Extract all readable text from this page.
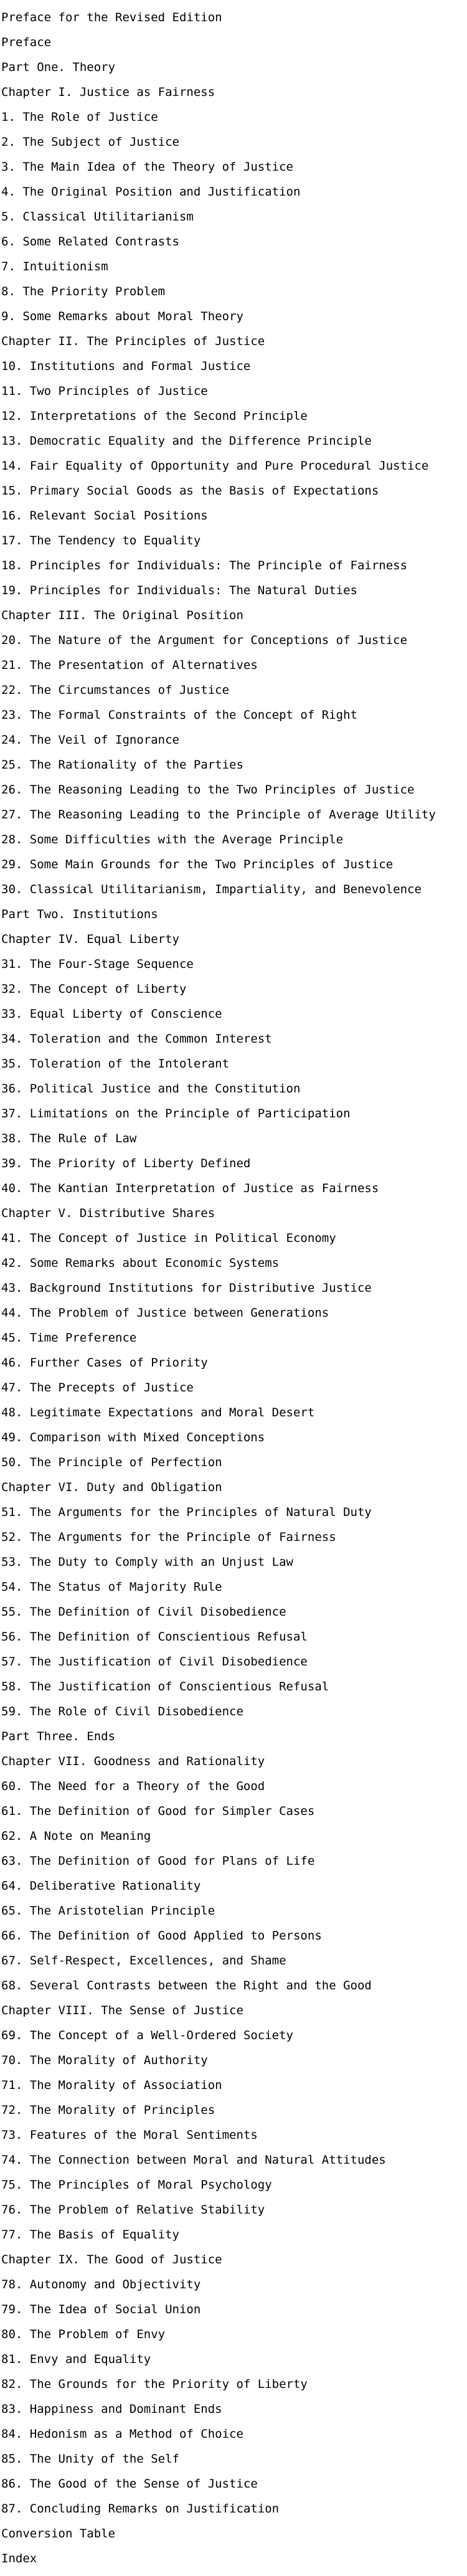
Preface for the Revised Edition
Preface
Part One. Theory
Chapter I. Justice as Fairness
1. The Role of Justice
2. The Subject of Justice
3. The Main Idea of the Theory of Justice
4. The Original Position and Justification
5. Classical Utilitarianism
6. Some Related Contrasts
7. Intuitionism
8. The Priority Problem
9. Some Remarks about Moral Theory
Chapter II. The Principles of Justice
10. Institutions and Formal Justice
11. Two Principles of Justice
12. Interpretations of the Second Principle
13. Democratic Equality and the Difference Principle
14. Fair Equality of Opportunity and Pure Procedural Justice
15. Primary Social Goods as the Basis of Expectations
16. Relevant Social Positions
17. The Tendency to Equality
18. Principles for Individuals: The Principle of Fairness
19. Principles for Individuals: The Natural Duties
Chapter III. The Original Position
20. The Nature of the Argument for Conceptions of Justice
21. The Presentation of Alternatives
22. The Circumstances of Justice
23. The Formal Constraints of the Concept of Right
24. The Veil of Ignorance
25. The Rationality of the Parties
26. The Reasoning Leading to the Two Principles of Justice
27. The Reasoning Leading to the Principle of Average Utility
28. Some Difficulties with the Average Principle
29. Some Main Grounds for the Two Principles of Justice
30. Classical Utilitarianism, Impartiality, and Benevolence
Part Two. Institutions
Chapter IV. Equal Liberty
31. The Four-Stage Sequence
32. The Concept of Liberty
33. Equal Liberty of Conscience
34. Toleration and the Common Interest
35. Toleration of the Intolerant
36. Political Justice and the Constitution
37. Limitations on the Principle of Participation
38. The Rule of Law
39. The Priority of Liberty Defined
40. The Kantian Interpretation of Justice as Fairness
Chapter V. Distributive Shares
41. The Concept of Justice in Political Economy
42. Some Remarks about Economic Systems
43. Background Institutions for Distributive Justice
44. The Problem of Justice between Generations
45. Time Preference
46. Further Cases of Priority
47. The Precepts of Justice
48. Legitimate Expectations and Moral Desert
49. Comparison with Mixed Conceptions
50. The Principle of Perfection
Chapter VI. Duty and Obligation
51. The Arguments for the Principles of Natural Duty
52. The Arguments for the Principle of Fairness
53. The Duty to Comply with an Unjust Law
54. The Status of Majority Rule
55. The Definition of Civil Disobedience
56. The Definition of Conscientious Refusal
57. The Justification of Civil Disobedience
58. The Justification of Conscientious Refusal
59. The Role of Civil Disobedience
Part Three. Ends
Chapter VII. Goodness and Rationality
60. The Need for a Theory of the Good
61. The Definition of Good for Simpler Cases
62. A Note on Meaning
63. The Definition of Good for Plans of Life
64. Deliberative Rationality
65. The Aristotelian Principle
66. The Definition of Good Applied to Persons
67. Self-Respect, Excellences, and Shame
68. Several Contrasts between the Right and the Good
Chapter VIII. The Sense of Justice
69. The Concept of a Well-Ordered Society
70. The Morality of Authority
71. The Morality of Association
72. The Morality of Principles
73. Features of the Moral Sentiments
74. The Connection between Moral and Natural Attitudes
75. The Principles of Moral Psychology
76. The Problem of Relative Stability
77. The Basis of Equality
Chapter IX. The Good of Justice
78. Autonomy and Objectivity
79. The Idea of Social Union
80. The Problem of Envy
81. Envy and Equality
82. The Grounds for the Priority of Liberty
83. Happiness and Dominant Ends
84. Hedonism as a Method of Choice
85. The Unity of the Self
86. The Good of the Sense of Justice
87. Concluding Remarks on Justification
Conversion Table
Index
